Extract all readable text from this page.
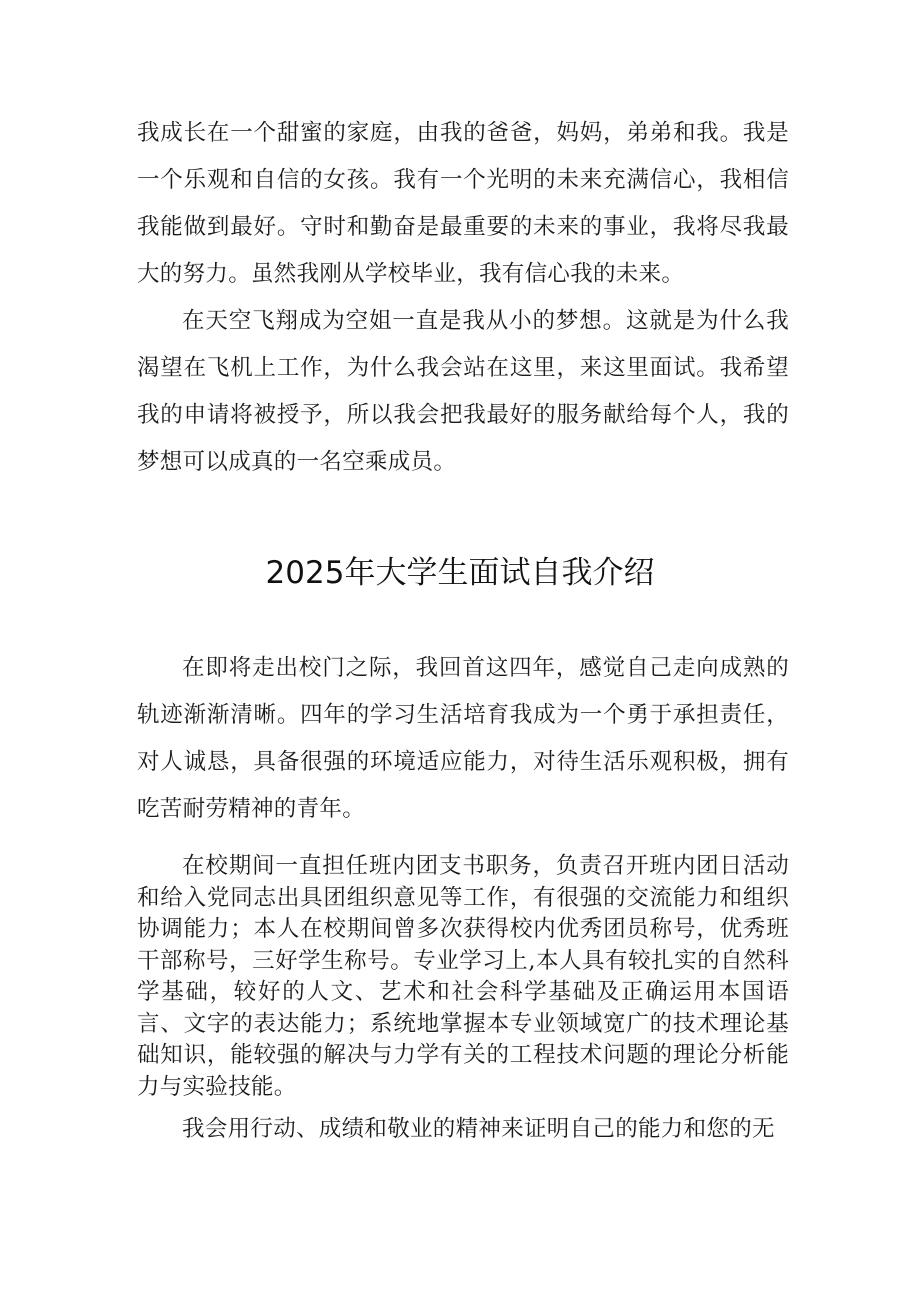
我成长在一个甜蜜的家庭，由我的爸爸，妈妈，弟弟和我。我是一个乐观和自信的女孩。我有一个光明的未来充满信心，我相信我能做到最好。守时和勤奋是最重要的未来的事业，我将尽我最大的努力。虽然我刚从学校毕业，我有信心我的未来。

在天空飞翔成为空姐一直是我从小的梦想。这就是为什么我渴望在飞机上工作，为什么我会站在这里，来这里面试。我希望我的申请将被授予，所以我会把我最好的服务献给每个人，我的梦想可以成真的一名空乘成员。

2025年大学生面试自我介绍

在即将走出校门之际，我回首这四年，感觉自己走向成熟的轨迹渐渐清晰。四年的学习生活培育我成为一个勇于承担责任，对人诚恳，具备很强的环境适应能力，对待生活乐观积极，拥有吃苦耐劳精神的青年。

在校期间一直担任班内团支书职务，负责召开班内团日活动和给入党同志出具团组织意见等工作，有很强的交流能力和组织协调能力；本人在校期间曾多次获得校内优秀团员称号，优秀班干部称号，三好学生称号。专业学习上,本人具有较扎实的自然科学基础，较好的人文、艺术和社会科学基础及正确运用本国语言、文字的表达能力；系统地掌握本专业领域宽广的技术理论基础知识，能较强的解决与力学有关的工程技术问题的理论分析能力与实验技能。

我会用行动、成绩和敬业的精神来证明自己的能力和您的无
